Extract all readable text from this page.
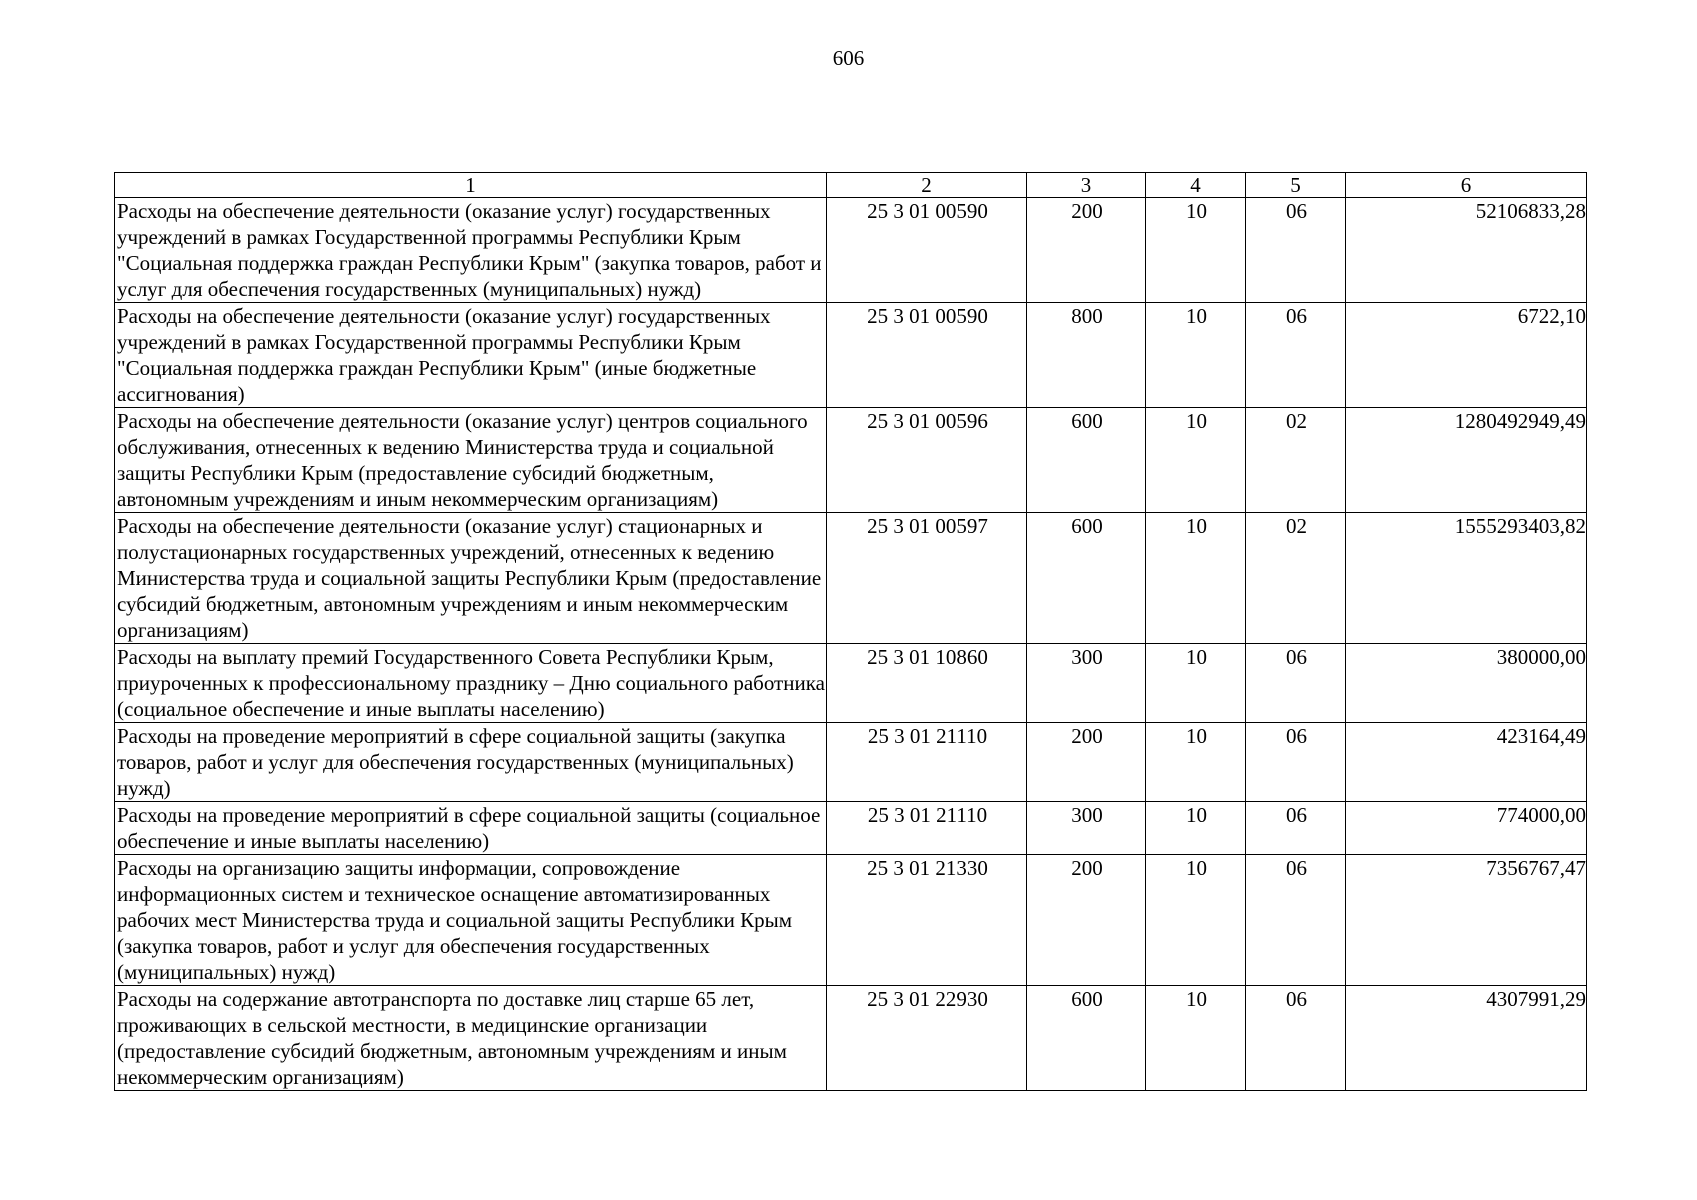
606
1	2	3	4	5	6
Расходы на обеспечение деятельности (оказание услуг) государственных учреждений в рамках Государственной программы Республики Крым "Социальная поддержка граждан Республики Крым" (закупка товаров, работ и услуг для обеспечения государственных (муниципальных) нужд)	25 3 01 00590	200	10	06	52106833,28
Расходы на обеспечение деятельности (оказание услуг) государственных учреждений в рамках Государственной программы Республики Крым "Социальная поддержка граждан Республики Крым" (иные бюджетные ассигнования)	25 3 01 00590	800	10	06	6722,10
Расходы на обеспечение деятельности (оказание услуг) центров социального обслуживания, отнесенных к ведению Министерства труда и социальной защиты Республики Крым (предоставление субсидий бюджетным, автономным учреждениям и иным некоммерческим организациям)	25 3 01 00596	600	10	02	1280492949,49
Расходы на обеспечение деятельности (оказание услуг) стационарных и полустационарных государственных учреждений, отнесенных к ведению Министерства труда и социальной защиты Республики Крым (предоставление субсидий бюджетным, автономным учреждениям и иным некоммерческим организациям)	25 3 01 00597	600	10	02	1555293403,82
Расходы на выплату премий Государственного Совета Республики Крым, приуроченных к профессиональному празднику – Дню социального работника (социальное обеспечение и иные выплаты населению)	25 3 01 10860	300	10	06	380000,00
Расходы на проведение мероприятий в сфере социальной защиты (закупка товаров, работ и услуг для обеспечения государственных (муниципальных) нужд)	25 3 01 21110	200	10	06	423164,49
Расходы на проведение мероприятий в сфере социальной защиты (социальное обеспечение и иные выплаты населению)	25 3 01 21110	300	10	06	774000,00
Расходы на организацию защиты информации, сопровождение информационных систем и техническое оснащение автоматизированных рабочих мест Министерства труда и социальной защиты Республики Крым (закупка товаров, работ и услуг для обеспечения государственных (муниципальных) нужд)	25 3 01 21330	200	10	06	7356767,47
Расходы на содержание автотранспорта по доставке лиц старше 65 лет, проживающих в сельской местности, в медицинские организации (предоставление субсидий бюджетным, автономным учреждениям и иным некоммерческим организациям)	25 3 01 22930	600	10	06	4307991,29
